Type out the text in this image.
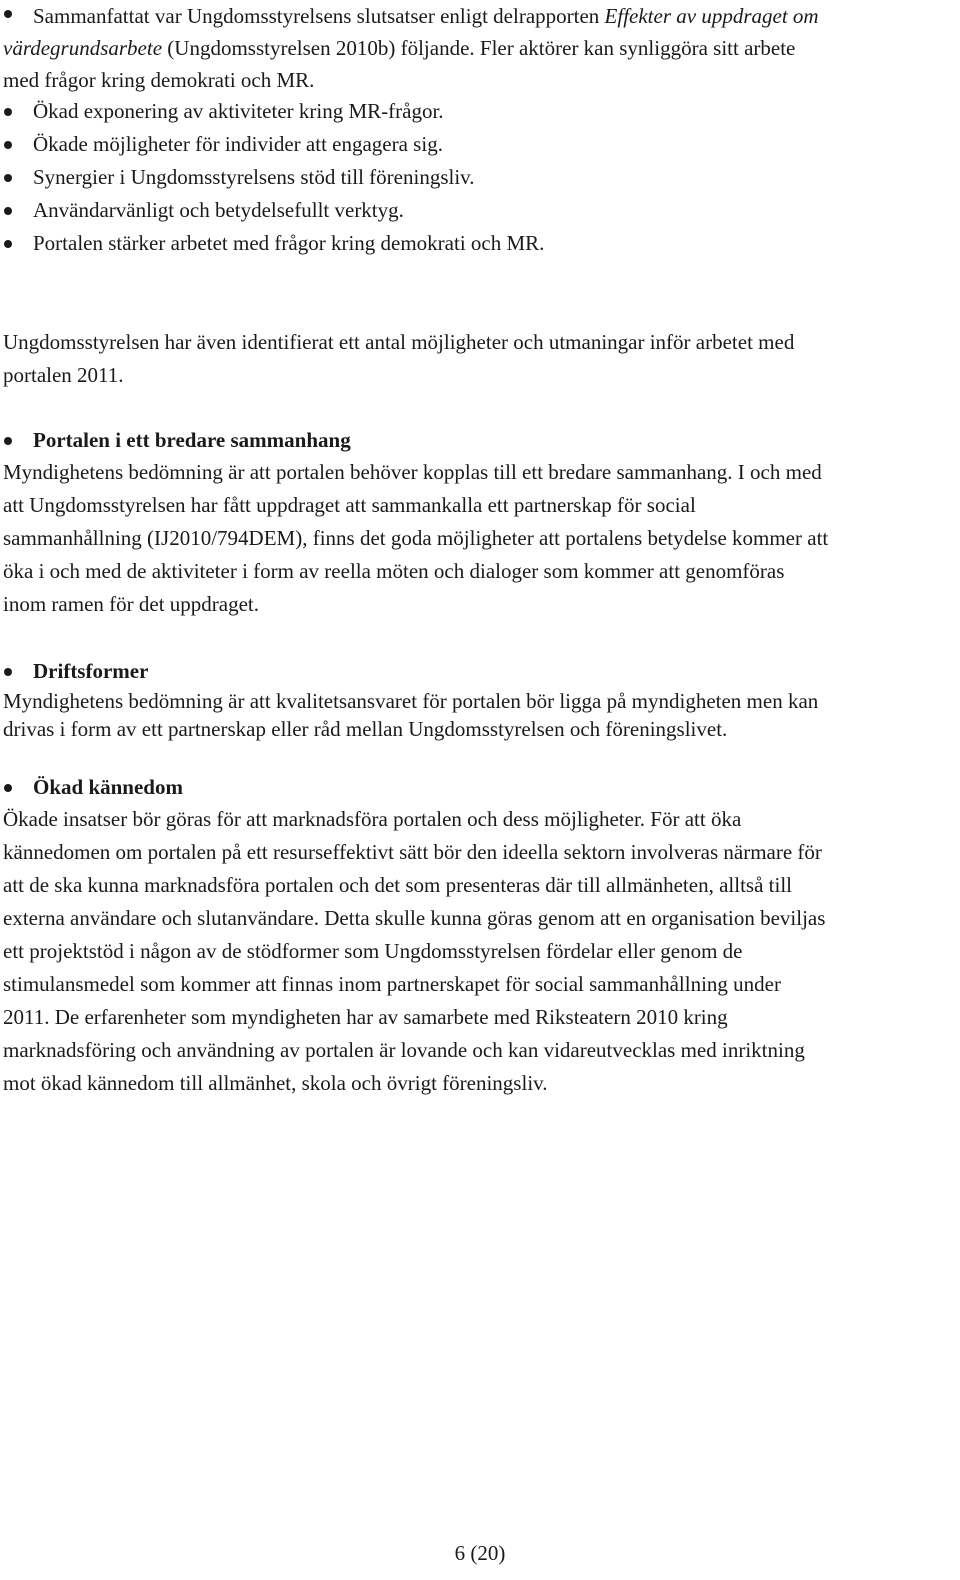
Sammanfattat var Ungdomsstyrelsens slutsatser enligt delrapporten Effekter av uppdraget om
värdegrundsarbete (Ungdomsstyrelsen 2010b) följande. Fler aktörer kan synliggöra sitt arbete
med frågor kring demokrati och MR.
Ökad exponering av aktiviteter kring MR-frågor.
Ökade möjligheter för individer att engagera sig.
Synergier i Ungdomsstyrelsens stöd till föreningsliv.
Användarvänligt och betydelsefullt verktyg.
Portalen stärker arbetet med frågor kring demokrati och MR.
Ungdomsstyrelsen har även identifierat ett antal möjligheter och utmaningar inför arbetet med
portalen 2011.
Portalen i ett bredare sammanhang
Myndighetens bedömning är att portalen behöver kopplas till ett bredare sammanhang. I och med
att Ungdomsstyrelsen har fått uppdraget att sammankalla ett partnerskap för social
sammanhållning (IJ2010/794DEM), finns det goda möjligheter att portalens betydelse kommer att
öka i och med de aktiviteter i form av reella möten och dialoger som kommer att genomföras
inom ramen för det uppdraget.
Driftsformer
Myndighetens bedömning är att kvalitetsansvaret för portalen bör ligga på myndigheten men kan
drivas i form av ett partnerskap eller råd mellan Ungdomsstyrelsen och föreningslivet.
Ökad kännedom
Ökade insatser bör göras för att marknadsföra portalen och dess möjligheter. För att öka
kännedomen om portalen på ett resurseffektivt sätt bör den ideella sektorn involveras närmare för
att de ska kunna marknadsföra portalen och det som presenteras där till allmänheten, alltså till
externa användare och slutanvändare. Detta skulle kunna göras genom att en organisation beviljas
ett projektstöd i någon av de stödformer som Ungdomsstyrelsen fördelar eller genom de
stimulansmedel som kommer att finnas inom partnerskapet för social sammanhållning under
2011. De erfarenheter som myndigheten har av samarbete med Riksteatern 2010 kring
marknadsföring och användning av portalen är lovande och kan vidareutvecklas med inriktning
mot ökad kännedom till allmänhet, skola och övrigt föreningsliv.
6 (20)
